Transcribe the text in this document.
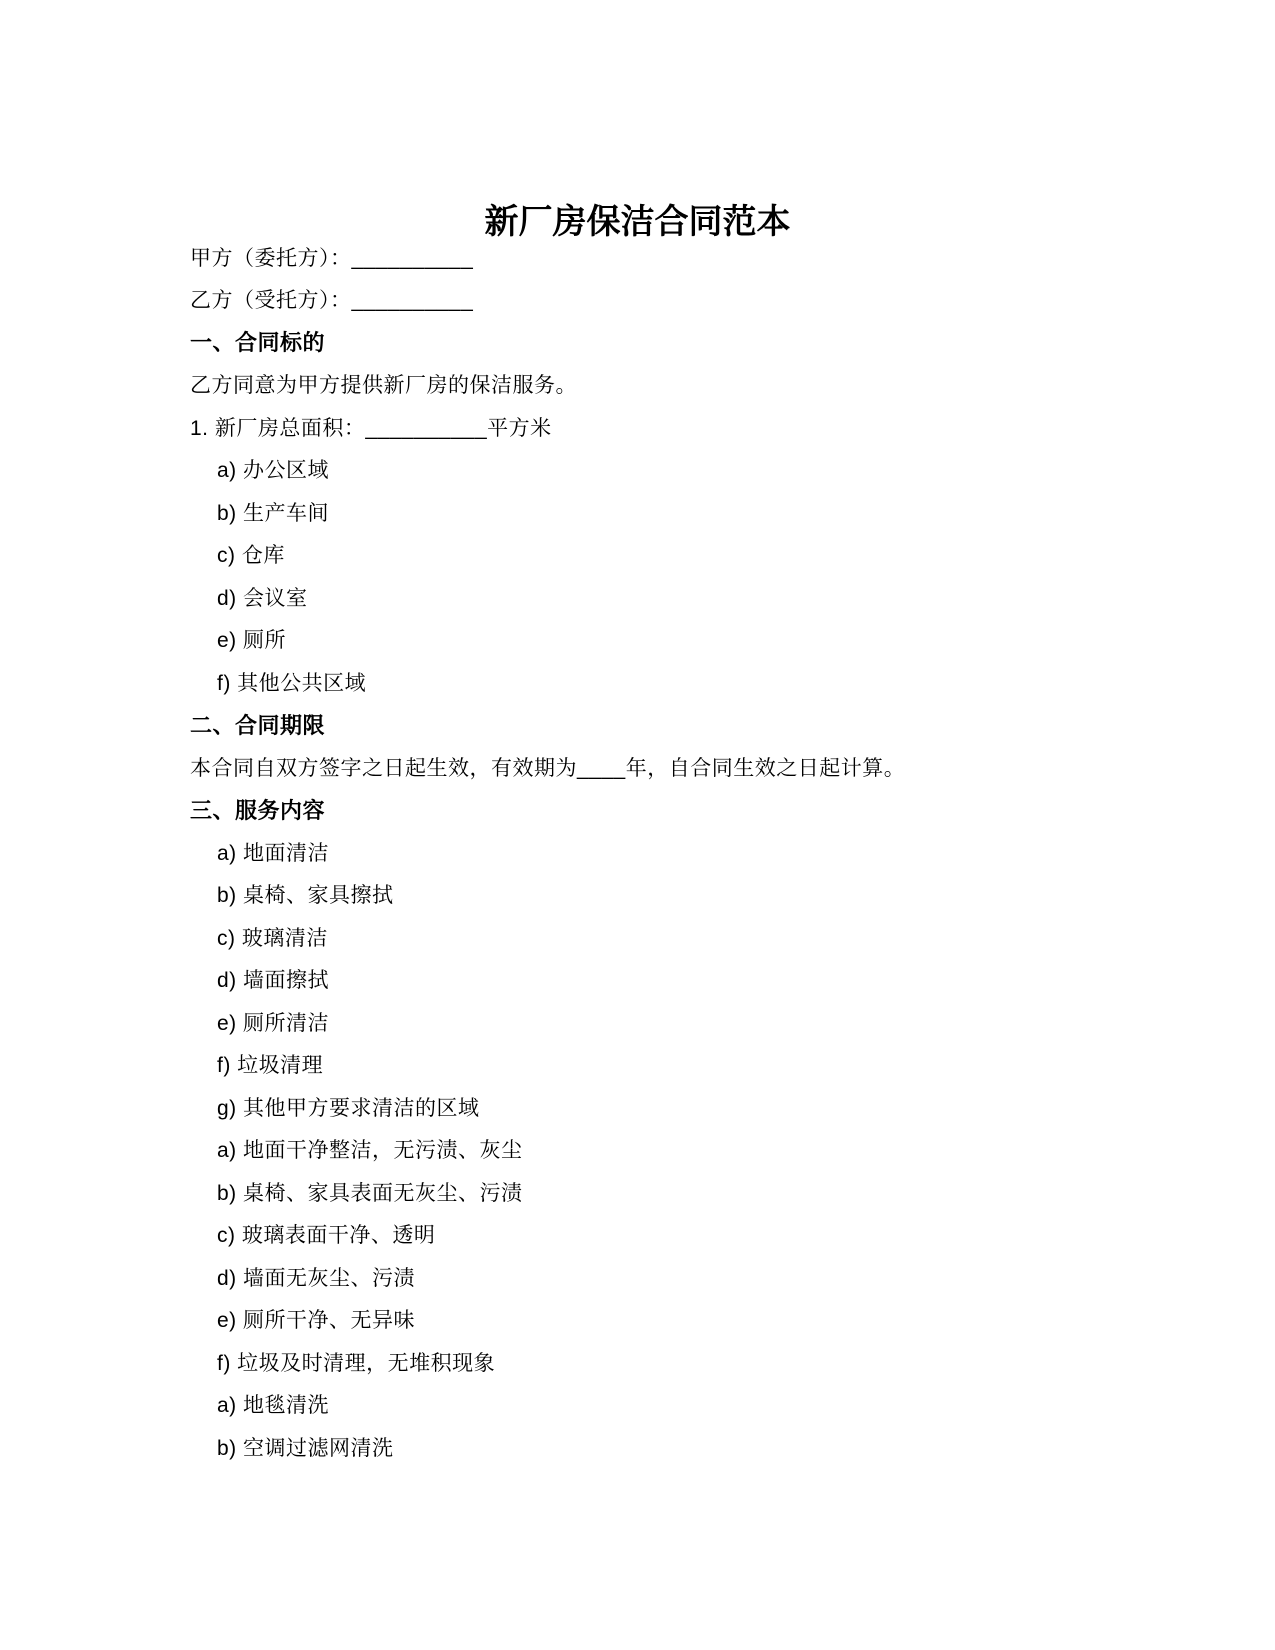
新厂房保洁合同范本
甲方（委托方）：__________
乙方（受托方）：__________
一、合同标的
乙方同意为甲方提供新厂房的保洁服务。
1. 新厂房总面积：__________平方米
a) 办公区域
b) 生产车间
c) 仓库
d) 会议室
e) 厕所
f) 其他公共区域
二、合同期限
本合同自双方签字之日起生效，有效期为____年，自合同生效之日起计算。
三、服务内容
a) 地面清洁
b) 桌椅、家具擦拭
c) 玻璃清洁
d) 墙面擦拭
e) 厕所清洁
f) 垃圾清理
g) 其他甲方要求清洁的区域
a) 地面干净整洁，无污渍、灰尘
b) 桌椅、家具表面无灰尘、污渍
c) 玻璃表面干净、透明
d) 墙面无灰尘、污渍
e) 厕所干净、无异味
f) 垃圾及时清理，无堆积现象
a) 地毯清洗
b) 空调过滤网清洗
